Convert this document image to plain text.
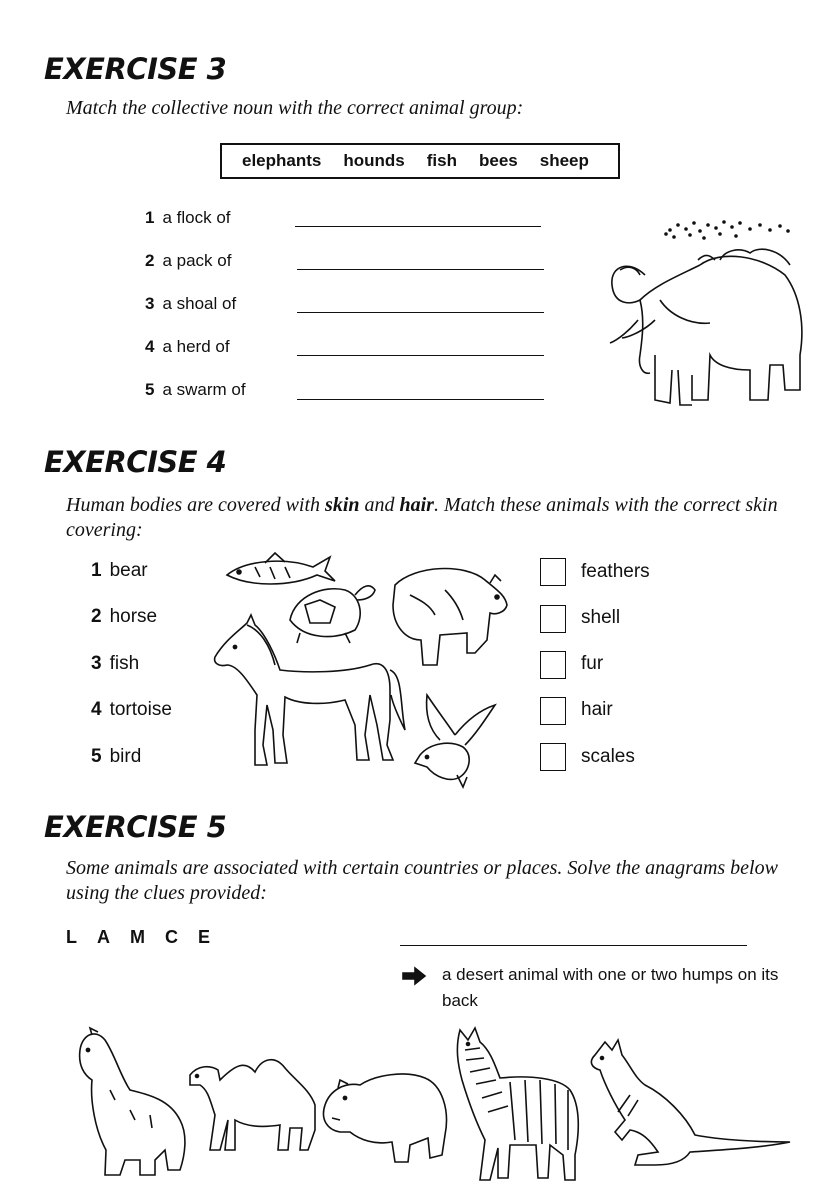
EXERCISE 3
Match the collective noun with the correct animal group:
elephants hounds fish bees sheep
1 a flock of
2 a pack of
3 a shoal of
4 a herd of
5 a swarm of
EXERCISE 4
Human bodies are covered with skin and hair. Match these animals with the correct skin covering:
1 bear
2 horse
3 fish
4 tortoise
5 bird
feathers
shell
fur
hair
scales
EXERCISE 5
Some animals are associated with certain countries or places. Solve the anagrams below using the clues provided:
LAMCE
a desert animal with one or two humps on its back
